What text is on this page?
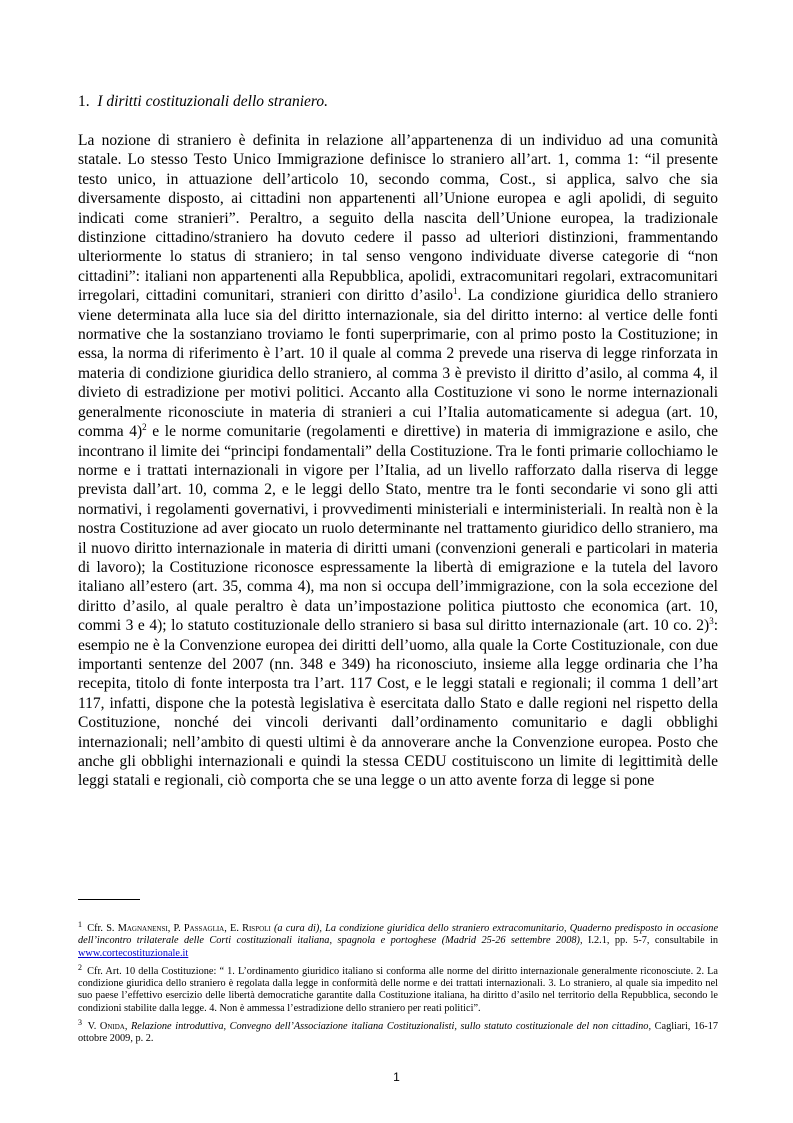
1. I diritti costituzionali dello straniero.
La nozione di straniero è definita in relazione all’appartenenza di un individuo ad una comunità statale. Lo stesso Testo Unico Immigrazione definisce lo straniero all’art. 1, comma 1: “il presente testo unico, in attuazione dell’articolo 10, secondo comma, Cost., si applica, salvo che sia diversamente disposto, ai cittadini non appartenenti all’Unione europea e agli apolidi, di seguito indicati come stranieri”. Peraltro, a seguito della nascita dell’Unione europea, la tradizionale distinzione cittadino/straniero ha dovuto cedere il passo ad ulteriori distinzioni, frammentando ulteriormente lo status di straniero; in tal senso vengono individuate diverse categorie di “non cittadini”: italiani non appartenenti alla Repubblica, apolidi, extracomunitari regolari, extracomunitari irregolari, cittadini comunitari, stranieri con diritto d’asilo$^1$. La condizione giuridica dello straniero viene determinata alla luce sia del diritto internazionale, sia del diritto interno: al vertice delle fonti normative che la sostanziano troviamo le fonti superprimarie, con al primo posto la Costituzione; in essa, la norma di riferimento è l’art. 10 il quale al comma 2 prevede una riserva di legge rinforzata in materia di condizione giuridica dello straniero, al comma 3 è previsto il diritto d’asilo, al comma 4, il divieto di estradizione per motivi politici. Accanto alla Costituzione vi sono le norme internazionali generalmente riconosciute in materia di stranieri a cui l’Italia automaticamente si adegua (art. 10, comma 4)$^2$ e le norme comunitarie (regolamenti e direttive) in materia di immigrazione e asilo, che incontrano il limite dei “principi fondamentali” della Costituzione. Tra le fonti primarie collochiamo le norme e i trattati internazionali in vigore per l’Italia, ad un livello rafforzato dalla riserva di legge prevista dall’art. 10, comma 2, e le leggi dello Stato, mentre tra le fonti secondarie vi sono gli atti normativi, i regolamenti governativi, i provvedimenti ministeriali e interministeriali. In realtà non è la nostra Costituzione ad aver giocato un ruolo determinante nel trattamento giuridico dello straniero, ma il nuovo diritto internazionale in materia di diritti umani (convenzioni generali e particolari in materia di lavoro); la Costituzione riconosce espressamente la libertà di emigrazione e la tutela del lavoro italiano all’estero (art. 35, comma 4), ma non si occupa dell’immigrazione, con la sola eccezione del diritto d’asilo, al quale peraltro è data un’impostazione politica piuttosto che economica (art. 10, commi 3 e 4); lo statuto costituzionale dello straniero si basa sul diritto internazionale (art. 10 co. 2)$^3$: esempio ne è la Convenzione europea dei diritti dell’uomo, alla quale la Corte Costituzionale, con due importanti sentenze del 2007 (nn. 348 e 349) ha riconosciuto, insieme alla legge ordinaria che l’ha recepita, titolo di fonte interposta tra l’art. 117 Cost, e le leggi statali e regionali; il comma 1 dell’art 117, infatti, dispone che la potestà legislativa è esercitata dallo Stato e dalle regioni nel rispetto della Costituzione, nonché dei vincoli derivanti dall’ordinamento comunitario e dagli obblighi internazionali; nell’ambito di questi ultimi è da annoverare anche la Convenzione europea. Posto che anche gli obblighi internazionali e quindi la stessa CEDU costituiscono un limite di legittimità delle leggi statali e regionali, ciò comporta che se una legge o un atto avente forza di legge si pone
$^1$ Cfr. S. Magnanensi, P. Passaglia, E. Rispoli (a cura di), La condizione giuridica dello straniero extracomunitario, Quaderno predisposto in occasione dell’incontro trilaterale delle Corti costituzionali italiana, spagnola e portoghese (Madrid 25-26 settembre 2008), I.2.1, pp. 5-7, consultabile in www.cortecostituzionale.it
$^2$ Cfr. Art. 10 della Costituzione: “ 1. L’ordinamento giuridico italiano si conforma alle norme del diritto internazionale generalmente riconosciute. 2. La condizione giuridica dello straniero è regolata dalla legge in conformità delle norme e dei trattati internazionali. 3. Lo straniero, al quale sia impedito nel suo paese l’effettivo esercizio delle libertà democratiche garantite dalla Costituzione italiana, ha diritto d’asilo nel territorio della Repubblica, secondo le condizioni stabilite dalla legge. 4. Non è ammessa l’estradizione dello straniero per reati politici”.
$^3$ V. Onida, Relazione introduttiva, Convegno dell’Associazione italiana Costituzionalisti, sullo statuto costituzionale del non cittadino, Cagliari, 16-17 ottobre 2009, p. 2.
1
